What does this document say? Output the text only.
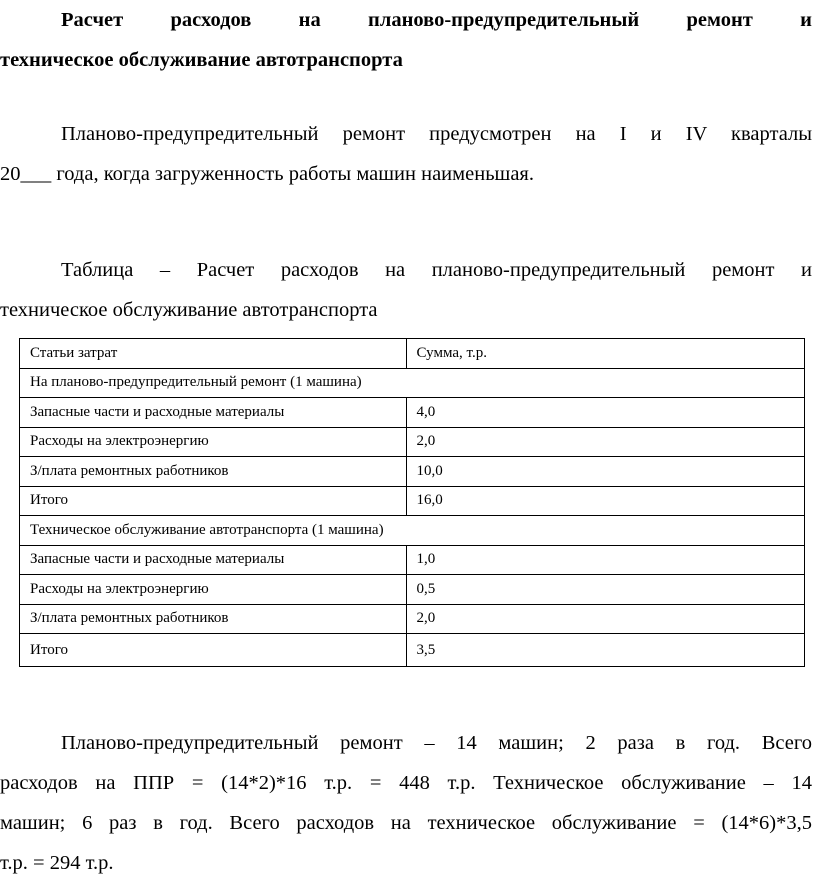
Расчет расходов на планово-предупредительный ремонт и
техническое обслуживание автотранспорта
Планово-предупредительный ремонт предусмотрен на I и IV кварталы
20___ года, когда загруженность работы машин наименьшая.
Таблица – Расчет расходов на планово-предупредительный ремонт и
техническое обслуживание автотранспорта
Статьи затрат	Сумма, т.р.
На планово-предупредительный ремонт (1 машина)	
Запасные части и расходные материалы	4,0
Расходы на электроэнергию	2,0
З/плата ремонтных работников	10,0
Итого	16,0
Техническое обслуживание автотранспорта (1 машина)	
Запасные части и расходные материалы	1,0
Расходы на электроэнергию	0,5
З/плата ремонтных работников	2,0
Итого	3,5
Планово-предупредительный ремонт – 14 машин; 2 раза в год. Всего
расходов на ППР = (14*2)*16 т.р. = 448 т.р. Техническое обслуживание – 14
машин; 6 раз в год. Всего расходов на техническое обслуживание = (14*6)*3,5
т.р. = 294 т.р.
